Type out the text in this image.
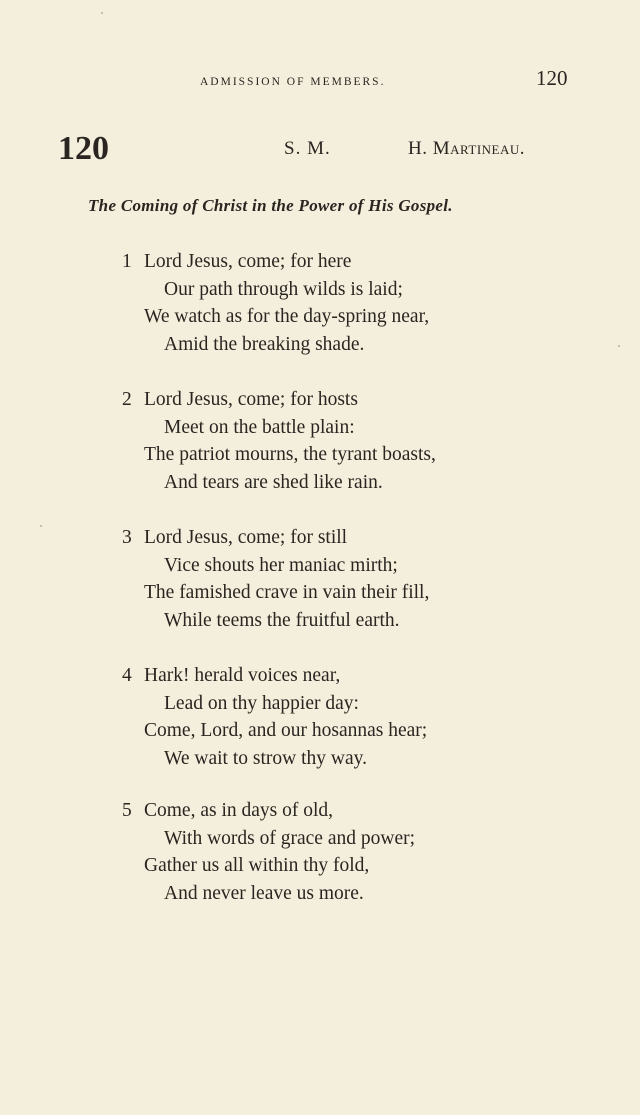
ADMISSION OF MEMBERS.	120
120	S. M.	H. Martineau.
The Coming of Christ in the Power of His Gospel.
1 Lord Jesus, come; for here
Our path through wilds is laid;
We watch as for the day-spring near,
Amid the breaking shade.
2 Lord Jesus, come; for hosts
Meet on the battle plain:
The patriot mourns, the tyrant boasts,
And tears are shed like rain.
3 Lord Jesus, come; for still
Vice shouts her maniac mirth;
The famished crave in vain their fill,
While teems the fruitful earth.
4 Hark! herald voices near,
Lead on thy happier day:
Come, Lord, and our hosannas hear;
We wait to strow thy way.
5 Come, as in days of old,
With words of grace and power;
Gather us all within thy fold,
And never leave us more.
